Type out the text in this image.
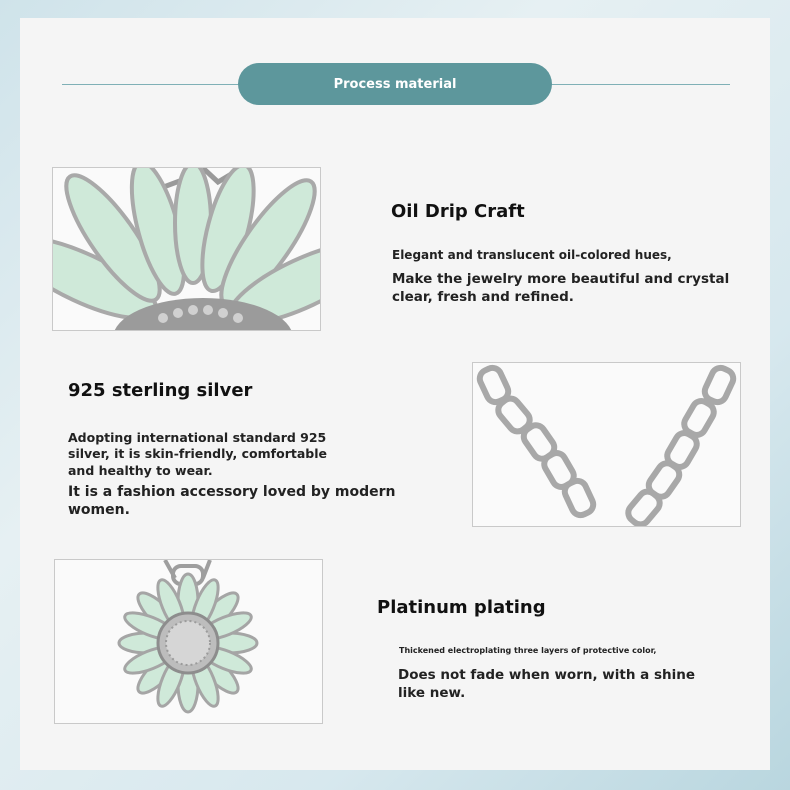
Process material
Oil Drip Craft
Elegant and translucent oil-colored hues,
Make the jewelry more beautiful and crystal clear, fresh and refined.
925 sterling silver
Adopting international standard 925 silver, it is skin-friendly, comfortable and healthy to wear.
It is a fashion accessory loved by modern women.
Platinum plating
Thickened electroplating three layers of protective color,
Does not fade when worn, with a shine like new.
